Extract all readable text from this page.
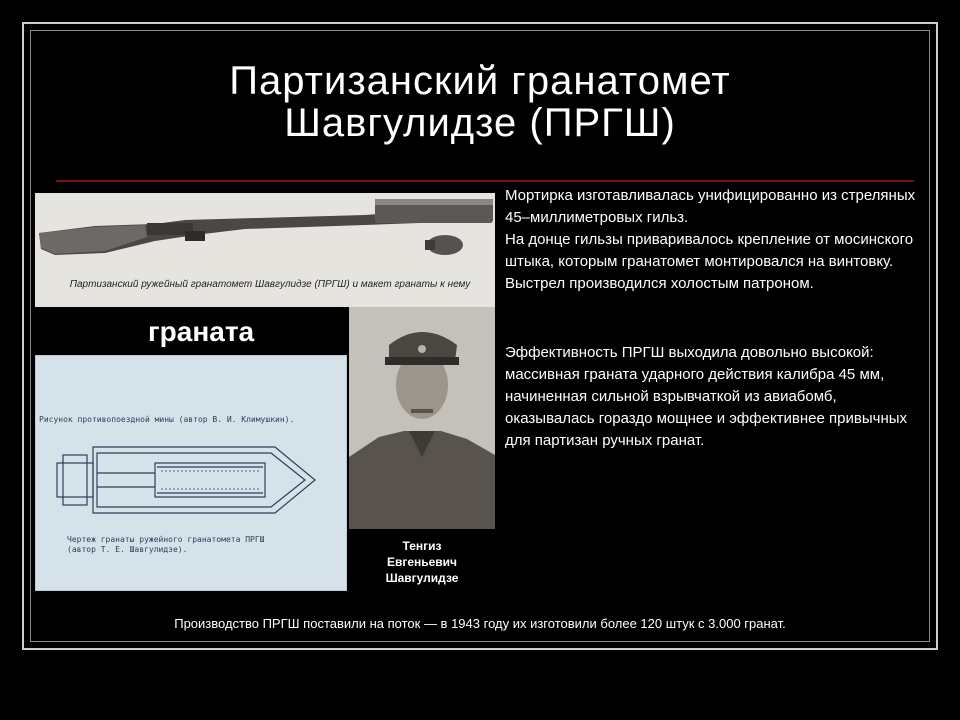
Партизанский гранатомет
Шавгулидзе (ПРГШ)
Партизанский ружейный гранатомет Шавгулидзе (ПРГШ) и макет гранаты к нему
граната
Рисунок противопоездной мины (автор В. И. Климушкин).
Чертеж гранаты ружейного гранатомета ПРГШ
(автор Т. Е. Шавгулидзе).	Тенгиз
Евгеньевич
Шавгулидзе
Мортирка изготавливалась унифицированно из стреляных 45–миллиметровых гильз.
На донце гильзы приваривалось крепление от мосинского штыка, которым гранатомет монтировался на винтовку. Выстрел производился холостым патроном.
Эффективность ПРГШ выходила довольно высокой: массивная граната ударного действия калибра 45 мм, начиненная сильной взрывчаткой из авиабомб, оказывалась гораздо мощнее и эффективнее привычных для партизан ручных гранат.
Производство ПРГШ поставили на поток — в 1943 году их изготовили более 120 штук с 3.000 гранат.
